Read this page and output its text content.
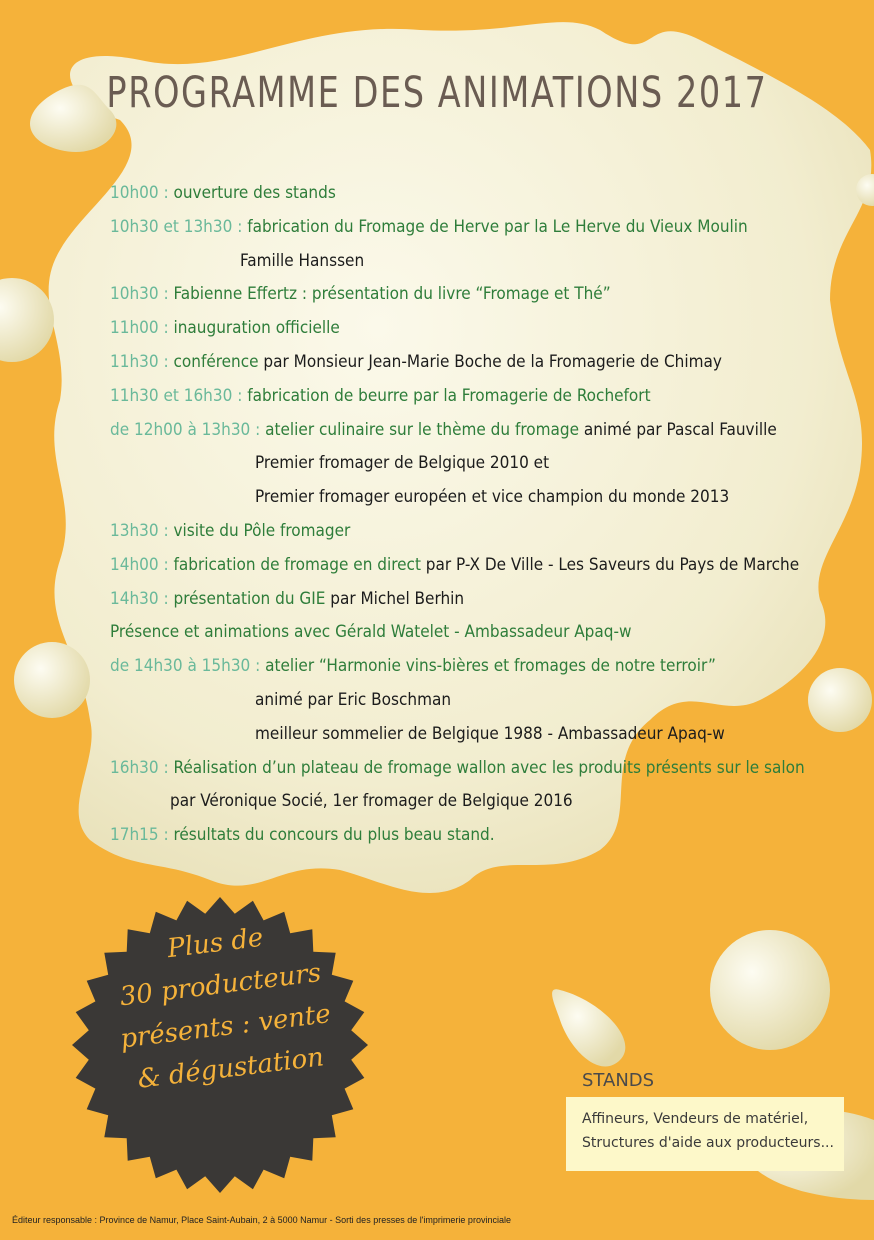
PROGRAMME DES ANIMATIONS 2017
10h00 : ouverture des stands
10h30 et 13h30 : fabrication du Fromage de Herve par la Le Herve du Vieux Moulin
Famille Hanssen
10h30 : Fabienne Effertz : présentation du livre “Fromage et Thé”
11h00 : inauguration officielle
11h30 : conférence par Monsieur Jean-Marie Boche de la Fromagerie de Chimay
11h30 et 16h30 : fabrication de beurre par la Fromagerie de Rochefort
de 12h00 à 13h30 : atelier culinaire sur le thème du fromage animé par Pascal Fauville
Premier fromager de Belgique 2010 et
Premier fromager européen et vice champion du monde 2013
13h30 : visite du Pôle fromager
14h00 : fabrication de fromage en direct par P-X De Ville - Les Saveurs du Pays de Marche
14h30 : présentation du GIE par Michel Berhin
Présence et animations avec Gérald Watelet - Ambassadeur Apaq-w
de 14h30 à 15h30 : atelier “Harmonie vins-bières et fromages de notre terroir”
animé par Eric Boschman
meilleur sommelier de Belgique 1988 - Ambassadeur Apaq-w
16h30 : Réalisation d’un plateau de fromage wallon avec les produits présents sur le salon
par Véronique Socié, 1er fromager de Belgique 2016
17h15 : résultats du concours du plus beau stand.
Plus de
30 producteurs
présents : vente
& dégustation	STANDS
Affineurs, Vendeurs de matériel,
Structures d'aide aux producteurs...
Éditeur responsable : Province de Namur, Place Saint-Aubain, 2 à 5000 Namur - Sorti des presses de l'imprimerie provinciale
